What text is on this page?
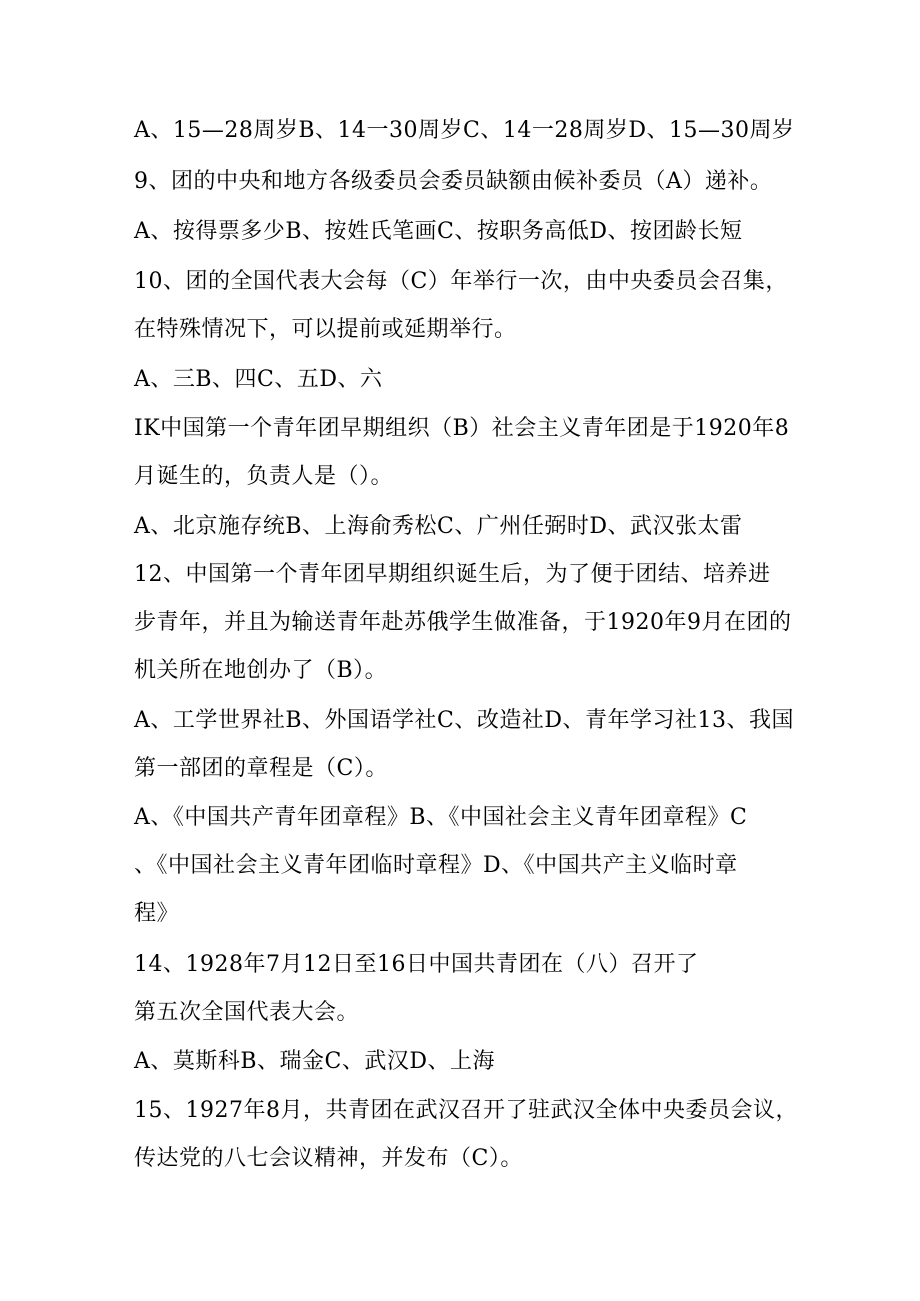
A、15—28周岁B、14一30周岁C、14一28周岁D、15—30周岁
9、团的中央和地方各级委员会委员缺额由候补委员（A）递补。
A、按得票多少B、按姓氏笔画C、按职务高低D、按团龄长短
10、团的全国代表大会每（C）年举行一次，由中央委员会召集，
在特殊情况下，可以提前或延期举行。
A、三B、四C、五D、六
IK中国第一个青年团早期组织（B）社会主义青年团是于1920年8
月诞生的，负责人是（）。
A、北京施存统B、上海俞秀松C、广州任弼时D、武汉张太雷
12、中国第一个青年团早期组织诞生后，为了便于团结、培养进
步青年，并且为输送青年赴苏俄学生做准备，于1920年9月在团的
机关所在地创办了（B）。
A、工学世界社B、外国语学社C、改造社D、青年学习社13、我国
第一部团的章程是（C）。
A、《中国共产青年团章程》B、《中国社会主义青年团章程》C
、《中国社会主义青年团临时章程》D、《中国共产主义临时章
程》
14、1928年7月12日至16日中国共青团在（八）召开了
第五次全国代表大会。
A、莫斯科B、瑞金C、武汉D、上海
15、1927年8月，共青团在武汉召开了驻武汉全体中央委员会议，
传达党的八七会议精神，并发布（C）。
